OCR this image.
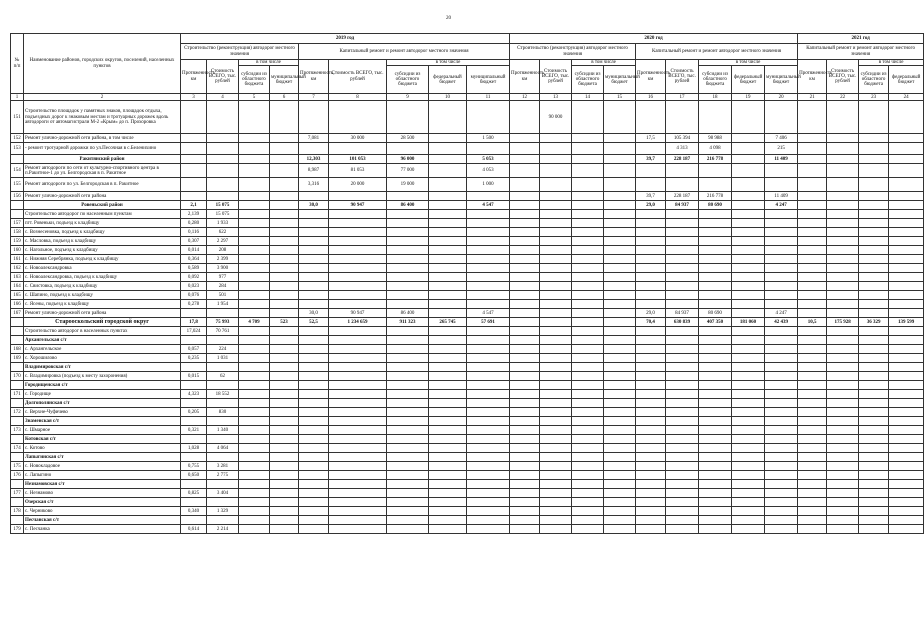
20
№ п/п	Наименование районов, городских округов, поселений, населенных пунктов	2019 год									2020 год									2021 год			
		Строительство (реконструкция) автодорог местного значения				Капитальный ремонт и ремонт автодорог местного значения					Строительство (реконструкция) автодорог местного значения				Капитальный ремонт и ремонт автодорог местного значения					Капитальный ремонт и ремонт автодорог местного значения			
		Протяженность, км	Стоимость ВСЕГО, тыс. рублей	в том числе		Протяженность, км	Стоимость ВСЕГО, тыс. рублей	в том числе			Протяженность, км	Стоимость ВСЕГО, тыс. рублей	в том числе		Протяженность, км	Стоимость ВСЕГО, тыс. рублей	в том числе			Протяженность, км	Стоимость ВСЕГО, тыс. рублей	в том числе	
				субсидии из областного бюджета	муниципальный бюджет			субсидии из областного бюджета	федеральный бюджет	муниципальный бюджет			субсидии из областного бюджета	муниципальный бюджет			субсидии из областного бюджета	федеральный бюджет	муниципальный бюджет			субсидии из областного бюджета	федеральный бюджет
1	2	3	4	5	6	7	8	9	10	11	12	13	14	15	16	17	18	19	20	21	22	23	24
151	Строительство площадок у памятных знаков, площадок отдыха, подъездных дорог к знаковым местам и тротуарных дорожек вдоль автодороги от автомагистрали М-2 «Крым» до п. Прохоровка											90 000											
152	Ремонт улично-дорожной сети района, в том числе					7,081	30 000	28 500		1 500					17,5	105 394	98 988		7 406				
153	- ремонт тротуарной дорожки по ул.Песочная в с.Беленихино															4 313	4 098		215				
	Ракитянский район					12,303	101 053	96 000		5 053					39,7	228 187	216 778		11 409				
154	Ремонт автодороги по сети от культурно-спортивного центра в п.Ракитное-1 до ул. Белгородская в п. Ракитное					8,987	81 053	77 000		4 053													
155	Ремонт автодороги по ул. Белгородская в п. Ракитное					3,316	20 000	19 000		1 000													
156	Ремонт улично-дорожной сети района														39,7	228 187	216 778		11 409				
	Ровеньский район	2,1	15 075			30,0	90 947	86 400		4 547					29,0	84 937	80 690		4 247				
	Строительство автодорог по населенным пунктам	2,139	15 075																				
157	пгт. Ровеньки, подъезд к кладбищу	0,280	1 933																				
158	с. Вознесеновка, подъезд к кладбищу	0,116	622																				
159	с. Масловка, подъезд к кладбищу	0,307	2 297																				
160	с. Нагольное, подъезд к кладбищу	0,014	208																				
161	с. Нижняя Серебрянка, подъезд к кладбищу	0,364	2 399																				
162	с. Новоалександровка	0,589	3 900																				
163	с. Новоалександровка, подъезд к кладбищу	0,092	977																				
164	с. Свистовка, подъезд к кладбищу	0,023	284																				
165	с. Шапино, подъезд к кладбищу	0,076	501																				
166	с. Ясены, подъезд к кладбищу	0,278	1 954																				
167	Ремонт улично-дорожной сети района					30,0	90 947	86 400		4 547					29,0	84 937	80 690		4 247				
	Старооскольский городской округ	17,8	75 993	4 709	523	52,5	1 234 659	911 323	265 745	57 691					70,4	630 839	407 350	181 060	42 439	10,5	175 928	36 329	139 599
	Строительство автодорог в населенных пунктах	17,024	70 761																				
	Архангельская с/т																						
168	с. Архангельское	0,057	224																				
169	с. Хорошилово	0,235	1 031																				
	Владимировская с/т																						
170	с. Владимировка (подъезд к месту захоронения)	0,015	62																				
	Городищенская с/т																						
171	с. Городище	4,323	18 552																				
	Долгополянская с/т																						
172	с. Верхне-Чуфичево	0,205	830																				
	Знаменская с/т																						
173	с. Шмарное	0,321	1 340																				
	Котовская с/т																						
174	с. Котово	1,028	4 064																				
	Лапыгинская с/т																						
175	с. Новокладовое	0,755	3 281																				
176	с. Лапыгино	0,650	2 775																				
	Незнамовская с/т																						
177	с. Незнамово	0,825	3 404																				
	Озерская с/т																						
178	с. Черниково	0,340	1 329																				
	Песчанская с/т																						
179	с. Песчанка	0,614	2 214																				
